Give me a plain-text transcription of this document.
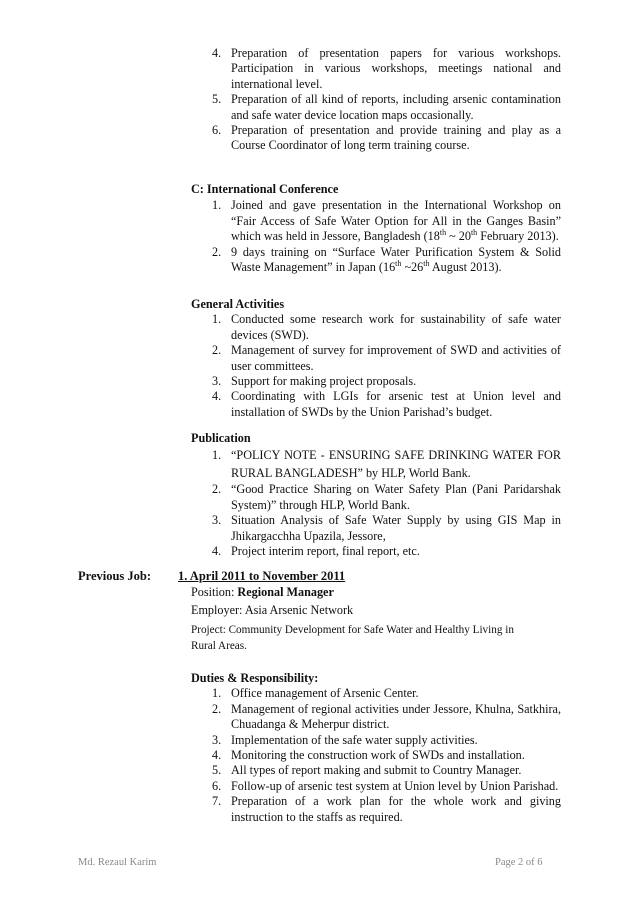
4. Preparation of presentation papers for various workshops. Participation in various workshops, meetings national and international level.
5. Preparation of all kind of reports, including arsenic contamination and safe water device location maps occasionally.
6. Preparation of presentation and provide training and play as a Course Coordinator of long term training course.
C: International Conference
1. Joined and gave presentation in the International Workshop on “Fair Access of Safe Water Option for All in the Ganges Basin” which was held in Jessore, Bangladesh (18th ~ 20th February 2013).
2. 9 days training on “Surface Water Purification System & Solid Waste Management” in Japan (16th ~26th August 2013).
General Activities
1. Conducted some research work for sustainability of safe water devices (SWD).
2. Management of survey for improvement of SWD and activities of user committees.
3. Support for making project proposals.
4. Coordinating with LGIs for arsenic test at Union level and installation of SWDs by the Union Parishad’s budget.
Publication
1. “POLICY NOTE - ENSURING SAFE DRINKING WATER FOR RURAL BANGLADESH” by HLP, World Bank.
2. “Good Practice Sharing on Water Safety Plan (Pani Paridarshak System)” through HLP, World Bank.
3. Situation Analysis of Safe Water Supply by using GIS Map in Jhikargacchha Upazila, Jessore,
4. Project interim report, final report, etc.
Previous Job: 1. April 2011 to November 2011
Position: Regional Manager
Employer: Asia Arsenic Network
Project: Community Development for Safe Water and Healthy Living in
Rural Areas.
Duties & Responsibility:
1. Office management of Arsenic Center.
2. Management of regional activities under Jessore, Khulna, Satkhira, Chuadanga & Meherpur district.
3. Implementation of the safe water supply activities.
4. Monitoring the construction work of SWDs and installation.
5. All types of report making and submit to Country Manager.
6. Follow-up of arsenic test system at Union level by Union Parishad.
7. Preparation of a work plan for the whole work and giving instruction to the staffs as required.
Md. Rezaul Karim	Page 2 of 6
